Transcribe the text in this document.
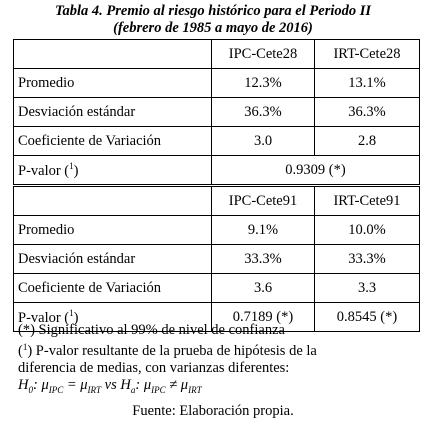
Tabla 4. Premio al riesgo histórico para el Periodo II
(febrero de 1985 a mayo de 2016)
	IPC-Cete28	IRT-Cete28
Promedio	12.3%	13.1%
Desviación estándar	36.3%	36.3%
Coeficiente de Variación	3.0	2.8
P-valor ($^1$)	0.9309 (*)	
	IPC-Cete91	IRT-Cete91
Promedio	9.1%	10.0%
Desviación estándar	33.3%	33.3%
Coeficiente de Variación	3.6	3.3
P-valor ($^1$)	0.7189 (*)	0.8545 (*)
(*) Significativo al 99% de nivel de confianza
($^1$) P-valor resultante de la prueba de hipótesis de la
diferencia de medias, con varianzas diferentes:
$H_0$: $\mu_{IPC} = \mu_{IRT}$ vs $H_a$: $\mu_{IPC} \ne \mu_{IRT}$
Fuente: Elaboración propia.
